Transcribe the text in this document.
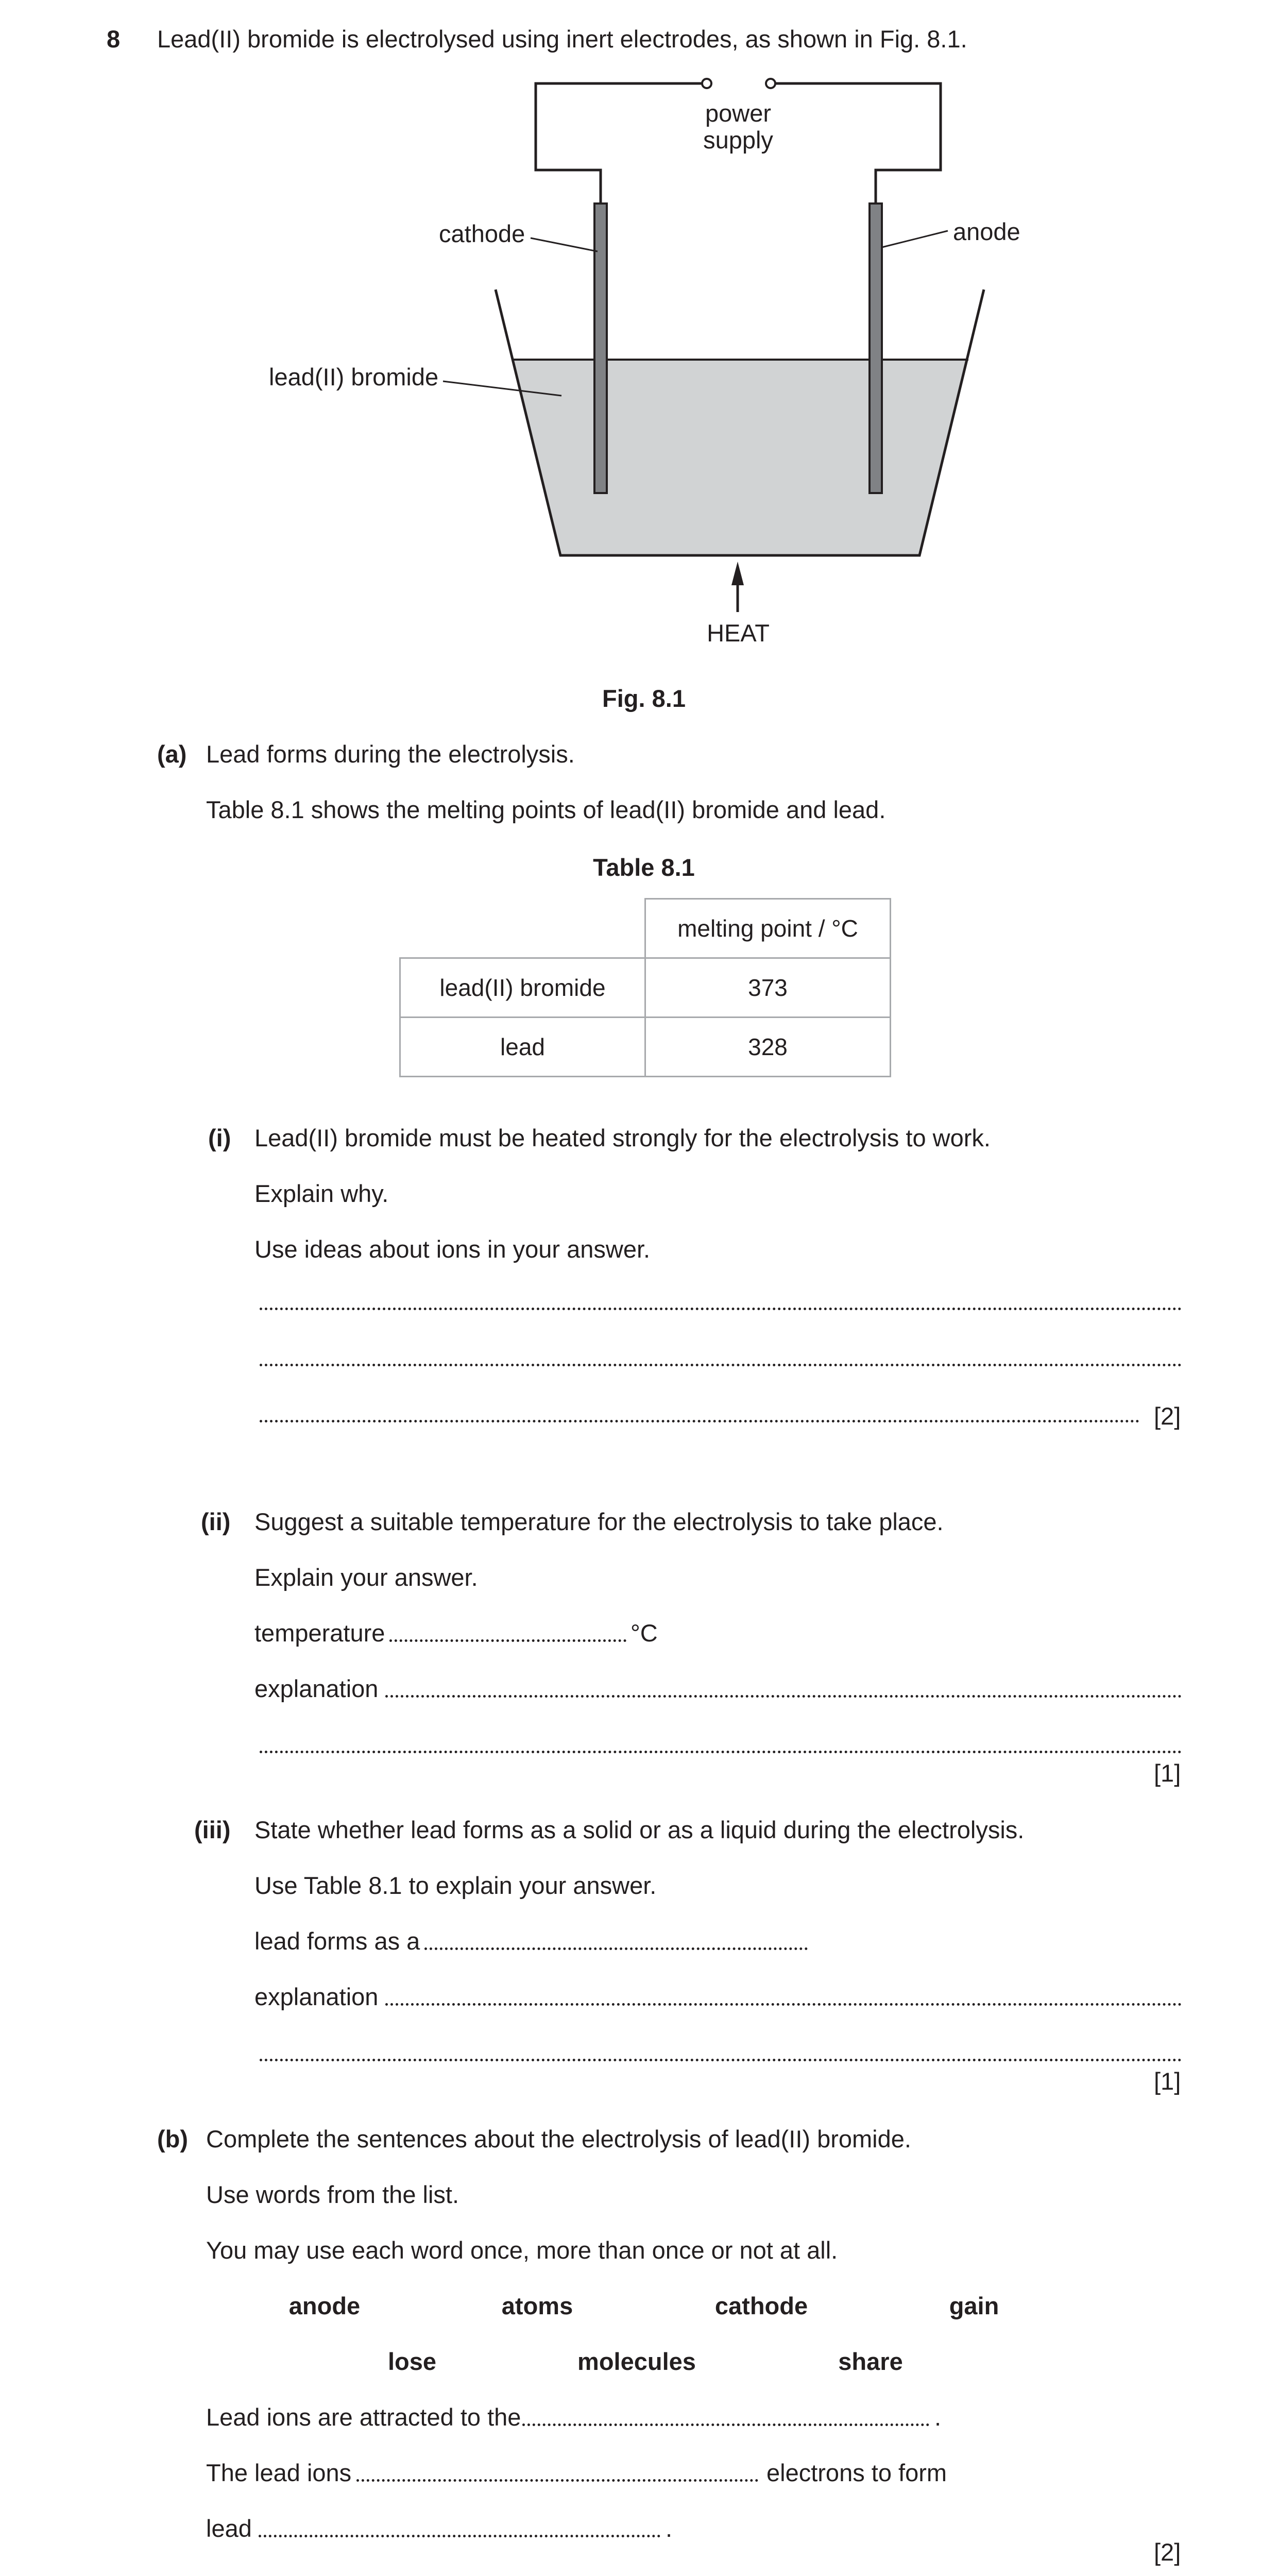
8 Lead(II) bromide is electrolysed using inert electrodes, as shown in Fig. 8.1.
power
supply
cathode	anode
lead(II) bromide
HEAT
Fig. 8.1
(a) Lead forms during the electrolysis.
Table 8.1 shows the melting points of lead(II) bromide and lead.
Table 8.1
	melting point / °C
lead(II) bromide	373
lead	328
(i) Lead(II) bromide must be heated strongly for the electrolysis to work.
Explain why.
Use ideas about ions in your answer.
[2]
(ii) Suggest a suitable temperature for the electrolysis to take place.
Explain your answer.
temperature	°C
explanation
[1]
(iii) State whether lead forms as a solid or as a liquid during the electrolysis.
Use Table 8.1 to explain your answer.
lead forms as a
explanation
[1]
(b) Complete the sentences about the electrolysis of lead(II) bromide.
Use words from the list.
You may use each word once, more than once or not at all.
anode	atoms	cathode	gain
lose	molecules	share
Lead ions are attracted to the	.
The lead ions	electrons to form
lead	.
[2]
